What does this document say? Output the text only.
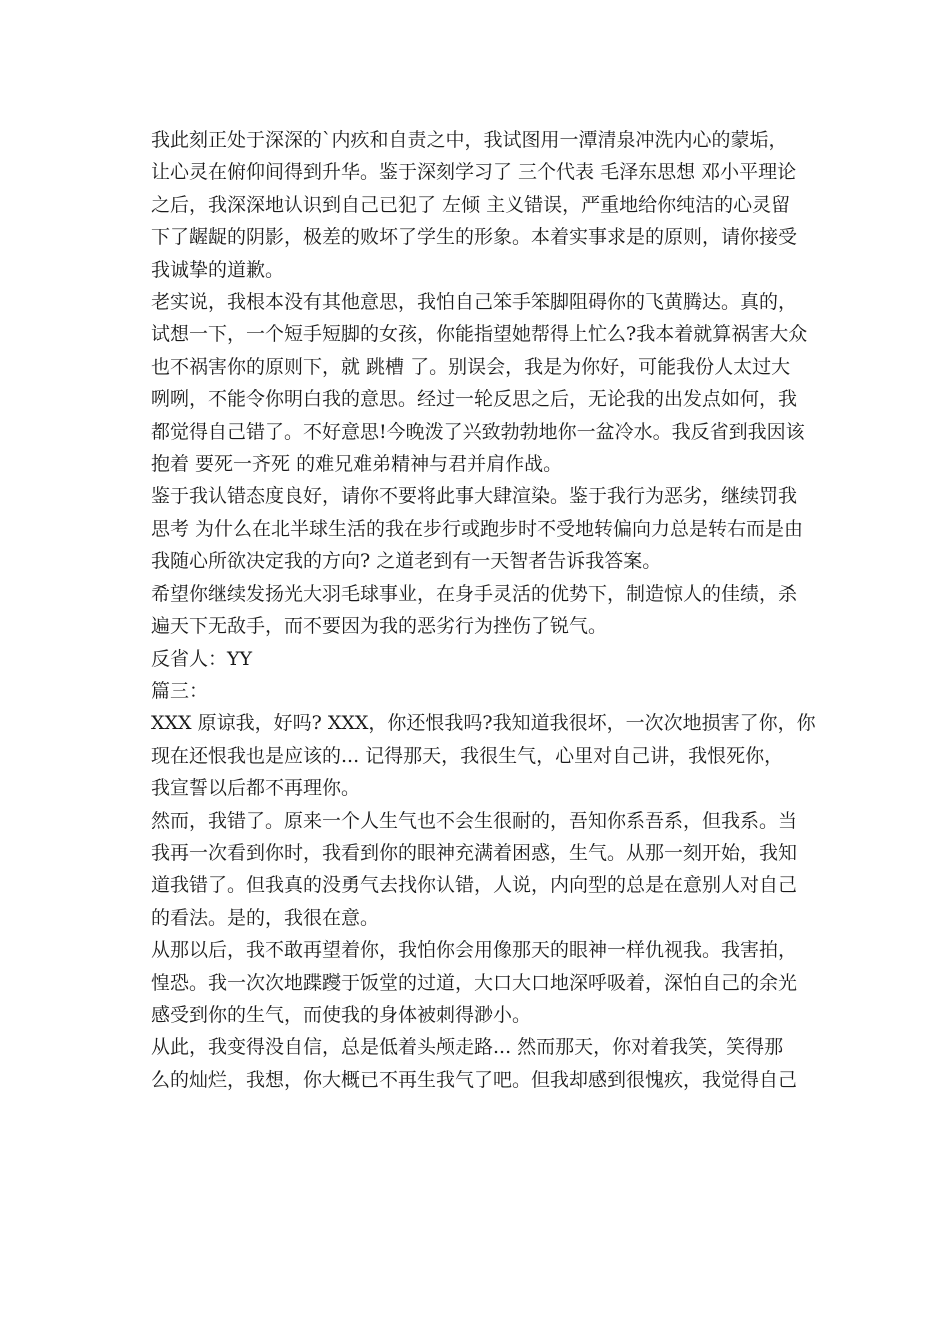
我此刻正处于深深的`内疚和自责之中，我试图用一潭清泉冲洗内心的蒙垢，
让心灵在俯仰间得到升华。鉴于深刻学习了 三个代表 毛泽东思想 邓小平理论
之后，我深深地认识到自己已犯了 左倾 主义错误，严重地给你纯洁的心灵留
下了龌龊的阴影，极差的败坏了学生的形象。本着实事求是的原则，请你接受
我诚挚的道歉。
老实说，我根本没有其他意思，我怕自己笨手笨脚阻碍你的飞黄腾达。真的，
试想一下，一个短手短脚的女孩，你能指望她帮得上忙么?我本着就算祸害大众
也不祸害你的原则下，就 跳槽 了。别误会，我是为你好，可能我份人太过大
咧咧，不能令你明白我的意思。经过一轮反思之后，无论我的出发点如何，我
都觉得自己错了。不好意思!今晚泼了兴致勃勃地你一盆冷水。我反省到我因该
抱着 要死一齐死 的难兄难弟精神与君并肩作战。
鉴于我认错态度良好，请你不要将此事大肆渲染。鉴于我行为恶劣，继续罚我
思考 为什么在北半球生活的我在步行或跑步时不受地转偏向力总是转右而是由
我随心所欲决定我的方向? 之道老到有一天智者告诉我答案。
希望你继续发扬光大羽毛球事业，在身手灵活的优势下，制造惊人的佳绩，杀
遍天下无敌手，而不要因为我的恶劣行为挫伤了锐气。
反省人：YY
篇三：
XXX 原谅我，好吗? XXX，你还恨我吗?我知道我很坏，一次次地损害了你，你
现在还恨我也是应该的... 记得那天，我很生气，心里对自己讲，我恨死你，
我宣誓以后都不再理你。
然而，我错了。原来一个人生气也不会生很耐的，吾知你系吾系，但我系。当
我再一次看到你时，我看到你的眼神充满着困惑，生气。从那一刻开始，我知
道我错了。但我真的没勇气去找你认错，人说，内向型的总是在意别人对自己
的看法。是的，我很在意。
从那以后，我不敢再望着你，我怕你会用像那天的眼神一样仇视我。我害拍，
惶恐。我一次次地蹀躞于饭堂的过道，大口大口地深呼吸着，深怕自己的余光
感受到你的生气，而使我的身体被刺得渺小。
从此，我变得没自信，总是低着头颅走路... 然而那天，你对着我笑，笑得那
么的灿烂，我想，你大概已不再生我气了吧。但我却感到很愧疚，我觉得自己
